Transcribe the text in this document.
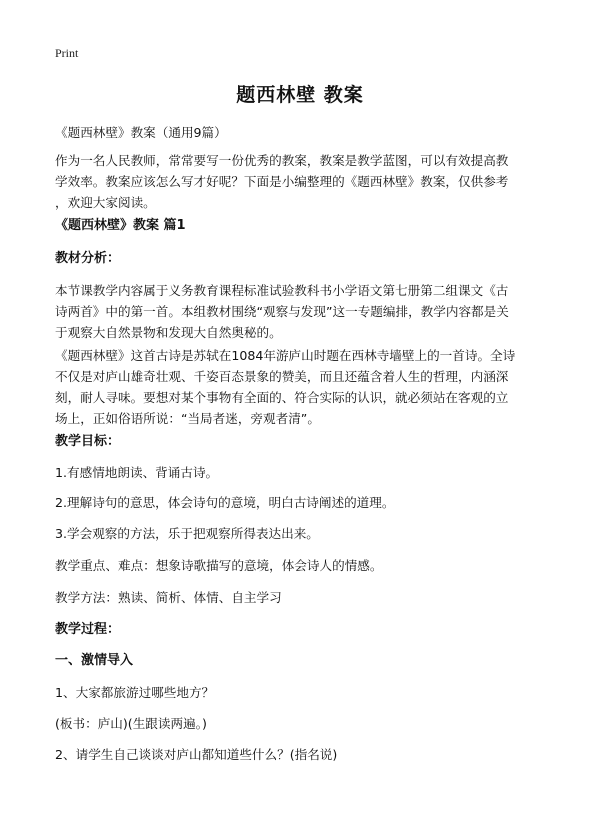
Print
题西林壁 教案
《题西林壁》教案（通用9篇）
作为一名人民教师，常常要写一份优秀的教案，教案是教学蓝图，可以有效提高教
学效率。教案应该怎么写才好呢？下面是小编整理的《题西林壁》教案，仅供参考
，欢迎大家阅读。
《题西林壁》教案 篇1
教材分析：
本节课教学内容属于义务教育课程标准试验教科书小学语文第七册第二组课文《古
诗两首》中的第一首。本组教材围绕“观察与发现”这一专题编排，教学内容都是关
于观察大自然景物和发现大自然奥秘的。
《题西林壁》这首古诗是苏轼在1084年游庐山时题在西林寺墙壁上的一首诗。全诗
不仅是对庐山雄奇壮观、千姿百态景象的赞美，而且还蕴含着人生的哲理，内涵深
刻，耐人寻味。要想对某个事物有全面的、符合实际的认识，就必须站在客观的立
场上，正如俗语所说：“当局者迷，旁观者清”。
教学目标：
1.有感情地朗读、背诵古诗。
2.理解诗句的意思，体会诗句的意境，明白古诗阐述的道理。
3.学会观察的方法，乐于把观察所得表达出来。
教学重点、难点：想象诗歌描写的意境，体会诗人的情感。
教学方法：熟读、简析、体情、自主学习
教学过程：
一、激情导入
1、大家都旅游过哪些地方？
(板书：庐山)(生跟读两遍。)
2、请学生自己谈谈对庐山都知道些什么？(指名说)
